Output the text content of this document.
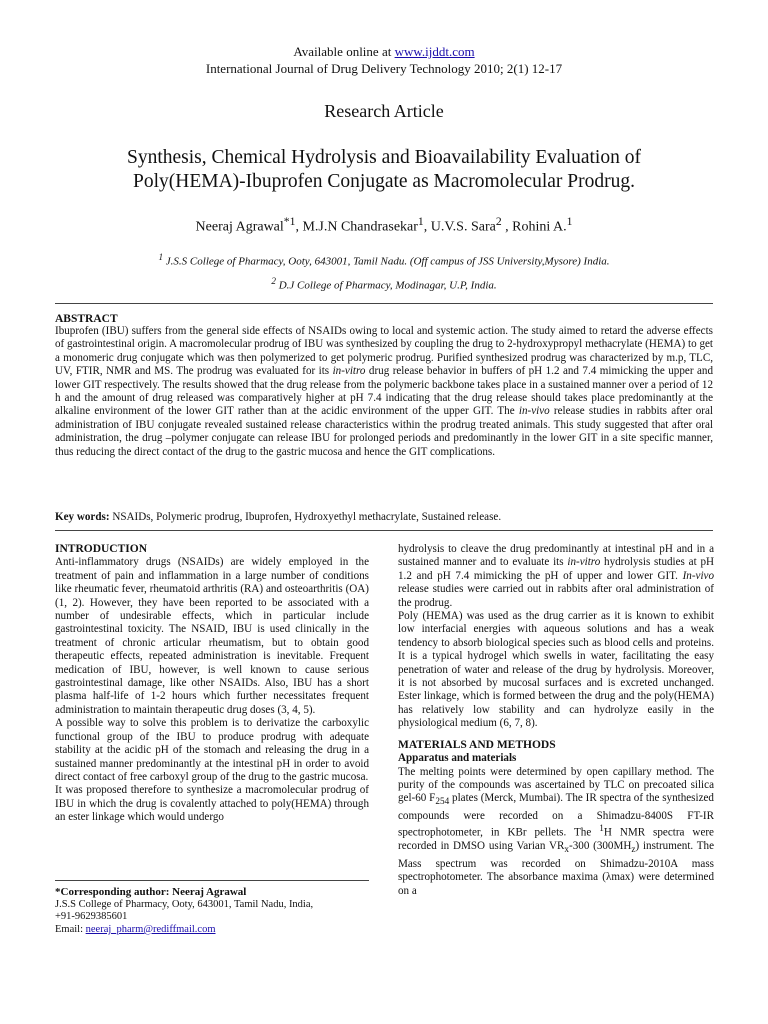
Available online at www.ijddt.com
International Journal of Drug Delivery Technology 2010; 2(1) 12-17
Research Article
Synthesis, Chemical Hydrolysis and Bioavailability Evaluation of
Poly(HEMA)-Ibuprofen Conjugate as Macromolecular Prodrug.
Neeraj Agrawal$^{*1}$, M.J.N Chandrasekar$^1$, U.V.S. Sara$^2$ , Rohini A.$^1$
$^1$ J.S.S College of Pharmacy, Ooty, 643001, Tamil Nadu. (Off campus of JSS University,Mysore) India.
$^2$ D.J College of Pharmacy, Modinagar, U.P, India.
ABSTRACT
Ibuprofen (IBU) suffers from the general side effects of NSAIDs owing to local and systemic action. The study aimed to retard the adverse effects of gastrointestinal origin. A macromolecular prodrug of IBU was synthesized by coupling the drug to 2-hydroxypropyl methacrylate (HEMA) to get a monomeric drug conjugate which was then polymerized to get polymeric prodrug. Purified synthesized prodrug was characterized by m.p, TLC, UV, FTIR, NMR and MS. The prodrug was evaluated for its in-vitro drug release behavior in buffers of pH 1.2 and 7.4 mimicking the upper and lower GIT respectively. The results showed that the drug release from the polymeric backbone takes place in a sustained manner over a period of 12 h and the amount of drug released was comparatively higher at pH 7.4 indicating that the drug release should takes place predominantly at the alkaline environment of the lower GIT rather than at the acidic environment of the upper GIT. The in-vivo release studies in rabbits after oral administration of IBU conjugate revealed sustained release characteristics within the prodrug treated animals. This study suggested that after oral administration, the drug –polymer conjugate can release IBU for prolonged periods and predominantly in the lower GIT in a site specific manner, thus reducing the direct contact of the drug to the gastric mucosa and hence the GIT complications.
Key words: NSAIDs, Polymeric prodrug, Ibuprofen, Hydroxyethyl methacrylate, Sustained release.

INTRODUCTION

Anti-inflammatory drugs (NSAIDs) are widely employed in the treatment of pain and inflammation in a large number of conditions like rheumatic fever, rheumatoid arthritis (RA) and osteoarthritis (OA)(1, 2). However, they have been reported to be associated with a number of undesirable effects, which in particular include gastrointestinal toxicity. The NSAID, IBU is used clinically in the treatment of chronic articular rheumatism, but to obtain good therapeutic effects, repeated administration is inevitable. Frequent medication of IBU, however, is well known to cause serious gastrointestinal damage, like other NSAIDs. Also, IBU has a short plasma half-life of 1-2 hours which further necessitates frequent administration to maintain therapeutic drug doses (3, 4, 5).

A possible way to solve this problem is to derivatize the carboxylic functional group of the IBU to produce prodrug with adequate stability at the acidic pH of the stomach and releasing the drug in a sustained manner predominantly at the intestinal pH in order to avoid direct contact of free carboxyl group of the drug to the gastric mucosa.

It was proposed therefore to synthesize a macromolecular prodrug of IBU in which the drug is covalently attached to poly(HEMA) through an ester linkage which would undergo

hydrolysis to cleave the drug predominantly at intestinal pH and in a sustained manner and to evaluate its in-vitro hydrolysis studies at pH 1.2 and pH 7.4 mimicking the pH of upper and lower GIT. In-vivo release studies were carried out in rabbits after oral administration of the prodrug.

Poly (HEMA) was used as the drug carrier as it is known to exhibit low interfacial energies with aqueous solutions and has a weak tendency to absorb biological species such as blood cells and proteins. It is a typical hydrogel which swells in water, facilitating the easy penetration of water and release of the drug by hydrolysis. Moreover, it is not absorbed by mucosal surfaces and is excreted unchanged. Ester linkage, which is formed between the drug and the poly(HEMA) has relatively low stability and can hydrolyze easily in the physiological medium (6, 7, 8).

MATERIALS AND METHODS

Apparatus and materials

The melting points were determined by open capillary method. The purity of the compounds was ascertained by TLC on precoated silica gel-60 $F_{254}$ plates (Merck, Mumbai). The IR spectra of the synthesized compounds were recorded on a Shimadzu-8400S FT-IR spectrophotometer, in KBr pellets. The $^1$H NMR spectra were recorded in DMSO using Varian $VR_x-300$ $(300MH_z)$ instrument. The Mass spectrum was recorded on Shimadzu-2010A mass spectrophotometer. The absorbance maxima (λmax) were determined on a

*Corresponding author: Neeraj Agrawal
J.S.S College of Pharmacy, Ooty, 643001, Tamil Nadu, India,
+91-9629385601
Email: neeraj_pharm@rediffmail.com
